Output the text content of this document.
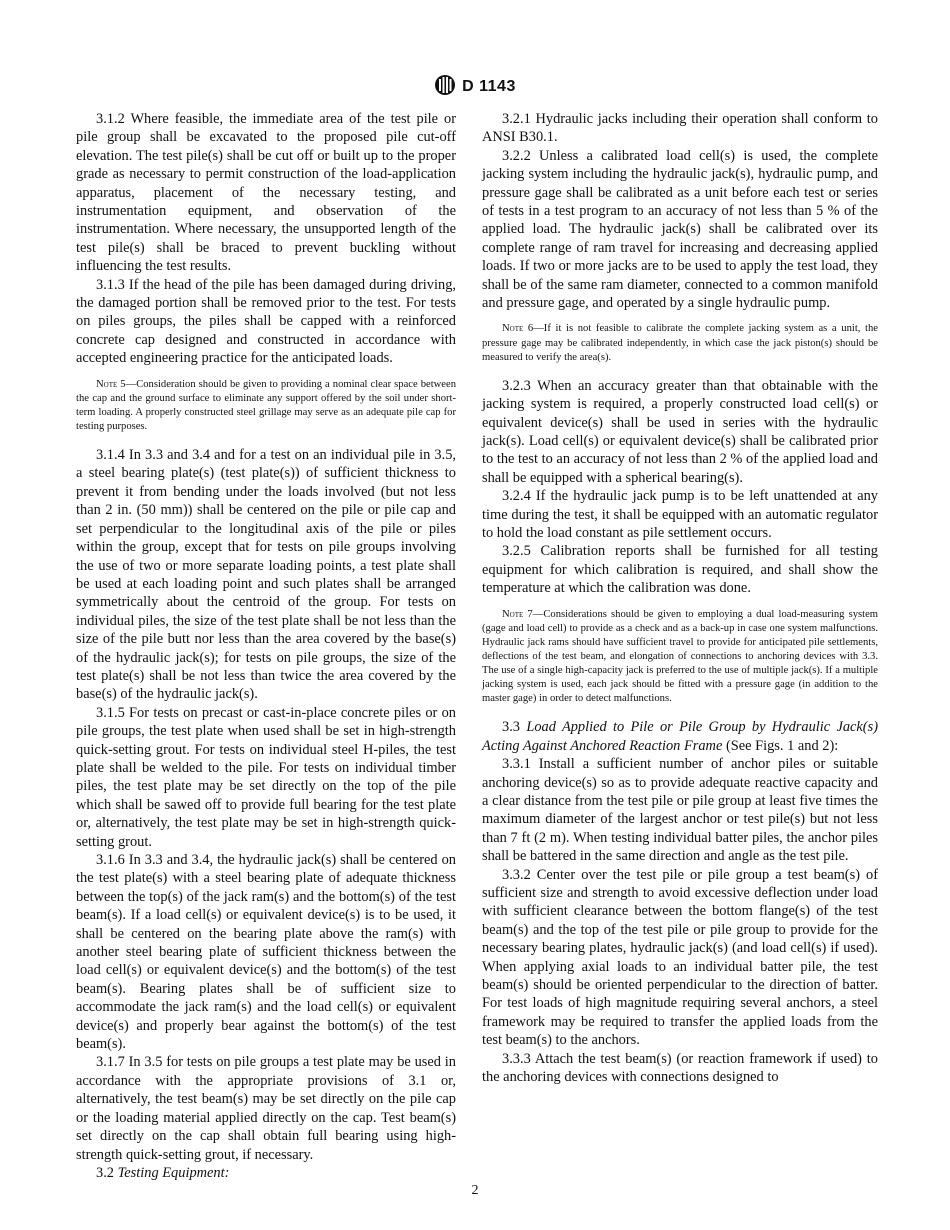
D 1143

3.1.2 Where feasible, the immediate area of the test pile or pile group shall be excavated to the proposed pile cut-off elevation. The test pile(s) shall be cut off or built up to the proper grade as necessary to permit construction of the load-application apparatus, placement of the necessary testing, and instrumentation equipment, and observation of the instrumentation. Where necessary, the unsupported length of the test pile(s) shall be braced to prevent buckling without influencing the test results.

3.1.3 If the head of the pile has been damaged during driving, the damaged portion shall be removed prior to the test. For tests on piles groups, the piles shall be capped with a reinforced concrete cap designed and constructed in accordance with accepted engineering practice for the anticipated loads.

Note 5—Consideration should be given to providing a nominal clear space between the cap and the ground surface to eliminate any support offered by the soil under short-term loading. A properly constructed steel grillage may serve as an adequate pile cap for testing purposes.

3.1.4 In 3.3 and 3.4 and for a test on an individual pile in 3.5, a steel bearing plate(s) (test plate(s)) of sufficient thickness to prevent it from bending under the loads involved (but not less than 2 in. (50 mm)) shall be centered on the pile or pile cap and set perpendicular to the longitudinal axis of the pile or piles within the group, except that for tests on pile groups involving the use of two or more separate loading points, a test plate shall be used at each loading point and such plates shall be arranged symmetrically about the centroid of the group. For tests on individual piles, the size of the test plate shall be not less than the size of the pile butt nor less than the area covered by the base(s) of the hydraulic jack(s); for tests on pile groups, the size of the test plate(s) shall be not less than twice the area covered by the base(s) of the hydraulic jack(s).

3.1.5 For tests on precast or cast-in-place concrete piles or on pile groups, the test plate when used shall be set in high-strength quick-setting grout. For tests on individual steel H-piles, the test plate shall be welded to the pile. For tests on individual timber piles, the test plate may be set directly on the top of the pile which shall be sawed off to provide full bearing for the test plate or, alternatively, the test plate may be set in high-strength quick-setting grout.

3.1.6 In 3.3 and 3.4, the hydraulic jack(s) shall be centered on the test plate(s) with a steel bearing plate of adequate thickness between the top(s) of the jack ram(s) and the bottom(s) of the test beam(s). If a load cell(s) or equivalent device(s) is to be used, it shall be centered on the bearing plate above the ram(s) with another steel bearing plate of sufficient thickness between the load cell(s) or equivalent device(s) and the bottom(s) of the test beam(s). Bearing plates shall be of sufficient size to accommodate the jack ram(s) and the load cell(s) or equivalent device(s) and properly bear against the bottom(s) of the test beam(s).

3.1.7 In 3.5 for tests on pile groups a test plate may be used in accordance with the appropriate provisions of 3.1 or, alternatively, the test beam(s) may be set directly on the pile cap or the loading material applied directly on the cap. Test beam(s) set directly on the cap shall obtain full bearing using high-strength quick-setting grout, if necessary.

3.2 Testing Equipment:

3.2.1 Hydraulic jacks including their operation shall conform to ANSI B30.1.

3.2.2 Unless a calibrated load cell(s) is used, the complete jacking system including the hydraulic jack(s), hydraulic pump, and pressure gage shall be calibrated as a unit before each test or series of tests in a test program to an accuracy of not less than 5 % of the applied load. The hydraulic jack(s) shall be calibrated over its complete range of ram travel for increasing and decreasing applied loads. If two or more jacks are to be used to apply the test load, they shall be of the same ram diameter, connected to a common manifold and pressure gage, and operated by a single hydraulic pump.

Note 6—If it is not feasible to calibrate the complete jacking system as a unit, the pressure gage may be calibrated independently, in which case the jack piston(s) should be measured to verify the area(s).

3.2.3 When an accuracy greater than that obtainable with the jacking system is required, a properly constructed load cell(s) or equivalent device(s) shall be used in series with the hydraulic jack(s). Load cell(s) or equivalent device(s) shall be calibrated prior to the test to an accuracy of not less than 2 % of the applied load and shall be equipped with a spherical bearing(s).

3.2.4 If the hydraulic jack pump is to be left unattended at any time during the test, it shall be equipped with an automatic regulator to hold the load constant as pile settlement occurs.

3.2.5 Calibration reports shall be furnished for all testing equipment for which calibration is required, and shall show the temperature at which the calibration was done.

Note 7—Considerations should be given to employing a dual load-measuring system (gage and load cell) to provide as a check and as a back-up in case one system malfunctions. Hydraulic jack rams should have sufficient travel to provide for anticipated pile settlements, deflections of the test beam, and elongation of connections to anchoring devices with 3.3. The use of a single high-capacity jack is preferred to the use of multiple jack(s). If a multiple jacking system is used, each jack should be fitted with a pressure gage (in addition to the master gage) in order to detect malfunctions.

3.3 Load Applied to Pile or Pile Group by Hydraulic Jack(s) Acting Against Anchored Reaction Frame (See Figs. 1 and 2):

3.3.1 Install a sufficient number of anchor piles or suitable anchoring device(s) so as to provide adequate reactive capacity and a clear distance from the test pile or pile group at least five times the maximum diameter of the largest anchor or test pile(s) but not less than 7 ft (2 m). When testing individual batter piles, the anchor piles shall be battered in the same direction and angle as the test pile.

3.3.2 Center over the test pile or pile group a test beam(s) of sufficient size and strength to avoid excessive deflection under load with sufficient clearance between the bottom flange(s) of the test beam(s) and the top of the test pile or pile group to provide for the necessary bearing plates, hydraulic jack(s) (and load cell(s) if used). When applying axial loads to an individual batter pile, the test beam(s) should be oriented perpendicular to the direction of batter. For test loads of high magnitude requiring several anchors, a steel framework may be required to transfer the applied loads from the test beam(s) to the anchors.

3.3.3 Attach the test beam(s) (or reaction framework if used) to the anchoring devices with connections designed to

2
